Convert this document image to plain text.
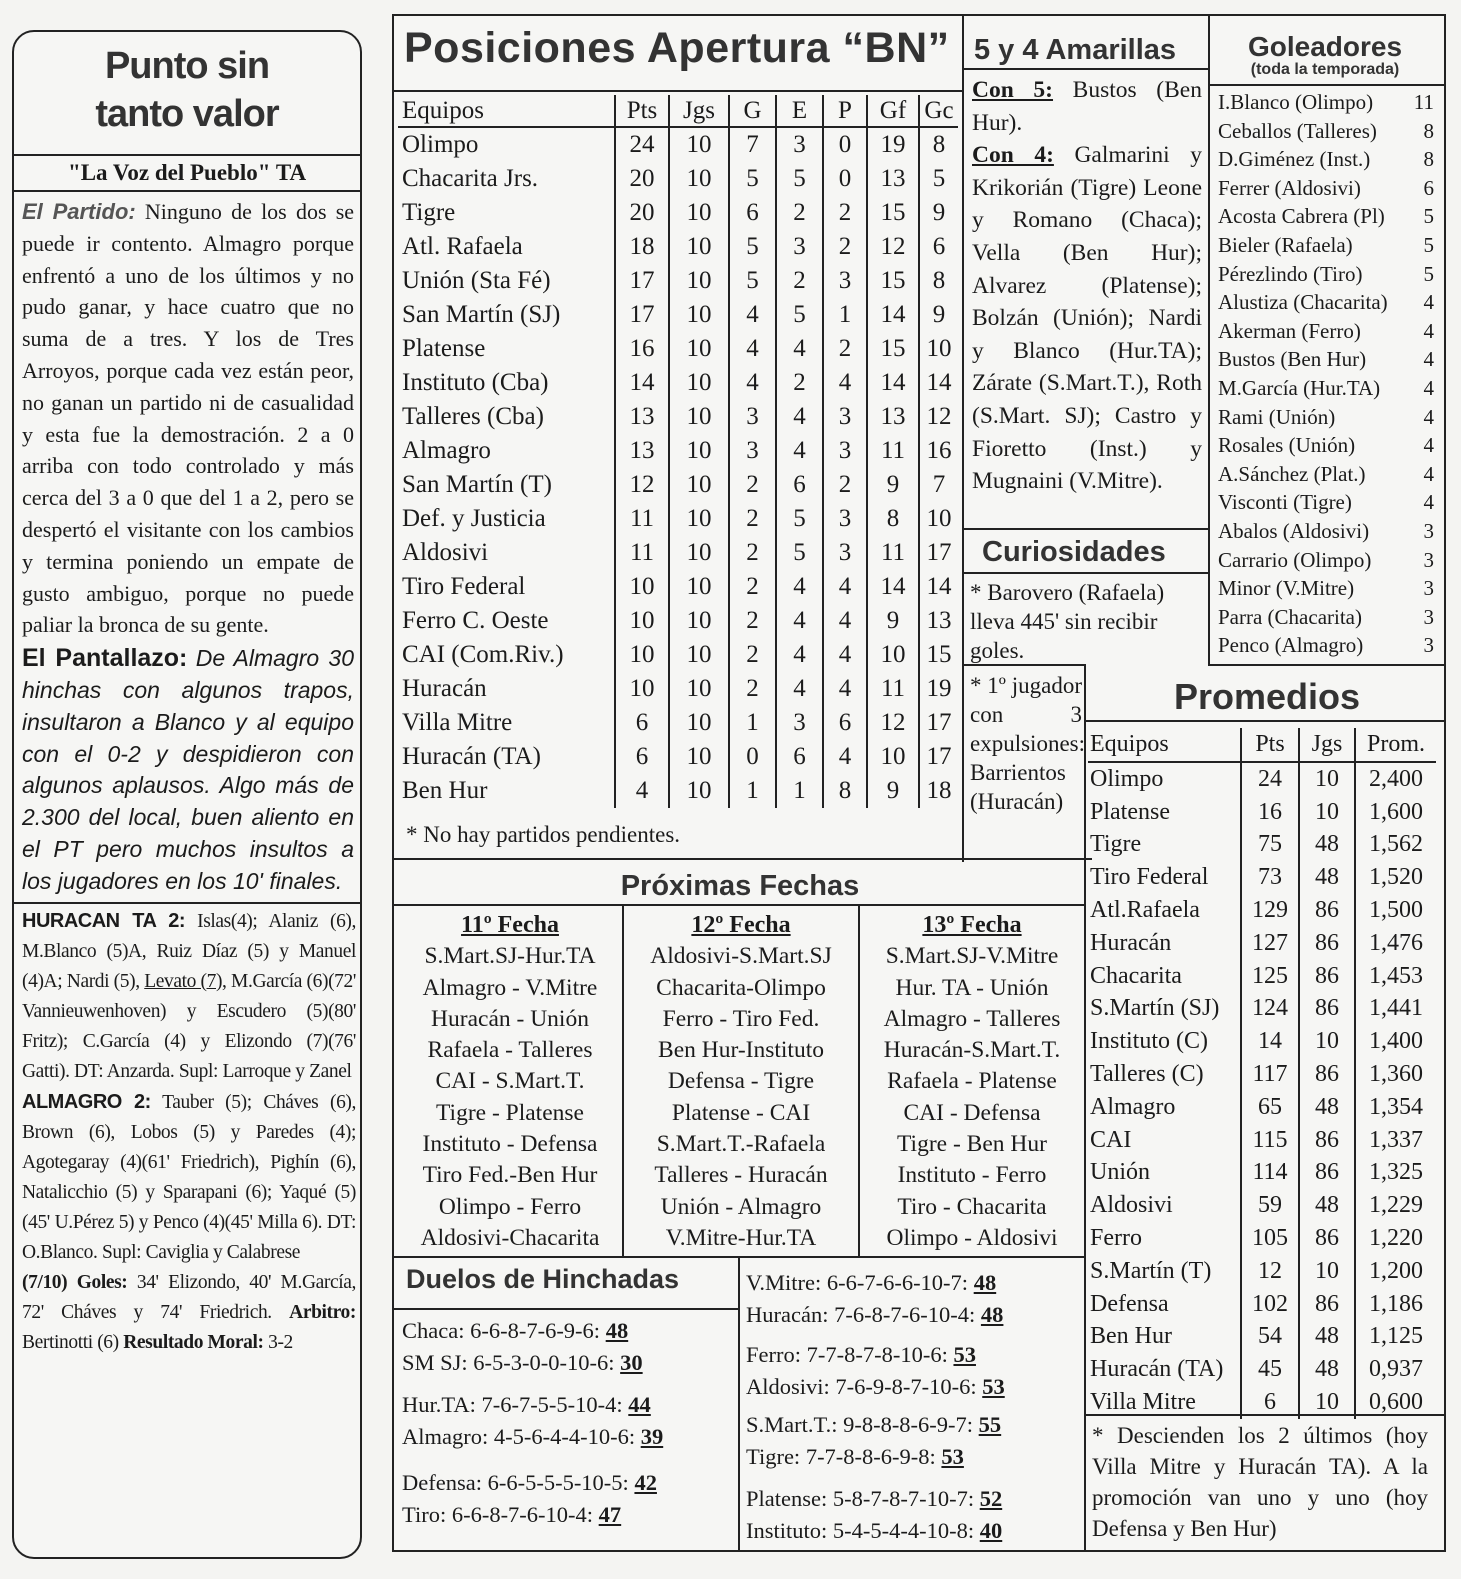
Punto sin
tanto valor
"La Voz del Pueblo" TA
El Partido: Ninguno de los dos se puede ir contento. Almagro porque enfrentó a uno de los últimos y no pudo ganar, y hace cuatro que no suma de a tres. Y los de Tres Arroyos, porque cada vez están peor, no ganan un partido ni de casualidad y esta fue la demostración. 2 a 0 arriba con todo controlado y más cerca del 3 a 0 que del 1 a 2, pero se despertó el visitante con los cambios y termina poniendo un empate de gusto ambiguo, porque no puede paliar la bronca de su gente.
El Pantallazo: De Almagro 30 hinchas con algunos trapos, insultaron a Blanco y al equipo con el 0-2 y despidieron con algunos aplausos. Algo más de 2.300 del local, buen aliento en el PT pero muchos insultos a los jugadores en los 10' finales.
HURACAN TA 2: Islas(4); Alaniz (6), M.Blanco (5)A, Ruiz Díaz (5) y Manuel (4)A; Nardi (5), Levato (7), M.García (6)(72' Vannieuwenhoven) y Escudero (5)(80' Fritz); C.García (4) y Elizondo (7)(76' Gatti). DT: Anzarda. Supl: Larroque y Zanel
ALMAGRO 2: Tauber (5); Cháves (6), Brown (6), Lobos (5) y Paredes (4); Agotegaray (4)(61' Friedrich), Pighín (6), Natalicchio (5) y Sparapani (6); Yaqué (5)(45' U.Pérez 5) y Penco (4)(45' Milla 6). DT: O.Blanco. Supl: Caviglia y Calabrese
(7/10) Goles: 34' Elizondo, 40' M.García, 72' Cháves y 74' Friedrich. Arbitro: Bertinotti (6) Resultado Moral: 3-2
Posiciones Apertura “BN”
Equipos	Pts	Jgs	G	E	P	Gf	Gc
Olimpo	24	10	7	3	0	19	8
Chacarita Jrs.	20	10	5	5	0	13	5
Tigre	20	10	6	2	2	15	9
Atl. Rafaela	18	10	5	3	2	12	6
Unión (Sta Fé)	17	10	5	2	3	15	8
San Martín (SJ)	17	10	4	5	1	14	9
Platense	16	10	4	4	2	15	10
Instituto (Cba)	14	10	4	2	4	14	14
Talleres (Cba)	13	10	3	4	3	13	12
Almagro	13	10	3	4	3	11	16
San Martín (T)	12	10	2	6	2	9	7
Def. y Justicia	11	10	2	5	3	8	10
Aldosivi	11	10	2	5	3	11	17
Tiro Federal	10	10	2	4	4	14	14
Ferro C. Oeste	10	10	2	4	4	9	13
CAI (Com.Riv.)	10	10	2	4	4	10	15
Huracán	10	10	2	4	4	11	19
Villa Mitre	6	10	1	3	6	12	17
Huracán (TA)	6	10	0	6	4	10	17
Ben Hur	4	10	1	1	8	9	18
* No hay partidos pendientes.
5 y 4 Amarillas
Con 5: Bustos (Ben Hur).
Con 4: Galmarini y Krikorián (Tigre) Leone y Romano (Chaca); Vella (Ben Hur); Alvarez (Platense); Bolzán (Unión); Nardi y Blanco (Hur.TA); Zárate (S.Mart.T.), Roth (S.Mart. SJ); Castro y Fioretto (Inst.) y Mugnaini (V.Mitre).
Curiosidades
* Barovero (Rafaela) lleva 445' sin recibir goles.
* 1º jugador con 3 expulsiones: Barrientos (Huracán)
Goleadores
(toda la temporada)
I.Blanco (Olimpo) 11
Ceballos (Talleres) 8
D.Giménez (Inst.)	8
Ferrer (Aldosivi)	6
Acosta Cabrera (Pl) 5
Bieler (Rafaela)	5
Pérezlindo (Tiro)	5
Alustiza (Chacarita) 4
Akerman (Ferro)	4
Bustos (Ben Hur)	4
M.García (Hur.TA) 4
Rami (Unión)	4
Rosales (Unión)	4
A.Sánchez (Plat.)	4
Visconti (Tigre)	4
Abalos (Aldosivi)	3
Carrario (Olimpo) 3
Minor (V.Mitre)	3
Parra (Chacarita)	3
Penco (Almagro)	3
Promedios
Equipos	Pts	Jgs	Prom.
Olimpo	24	10	2,400
Platense	16	10	1,600
Tigre	75	48	1,562
Tiro Federal	73	48	1,520
Atl.Rafaela	129	86	1,500
Huracán	127	86	1,476
Chacarita	125	86	1,453
S.Martín (SJ)	124	86	1,441
Instituto (C)	14	10	1,400
Talleres (C)	117	86	1,360
Almagro	65	48	1,354
CAI	115	86	1,337
Unión	114	86	1,325
Aldosivi	59	48	1,229
Ferro	105	86	1,220
S.Martín (T)	12	10	1,200
Defensa	102	86	1,186
Ben Hur	54	48	1,125
Huracán (TA)	45	48	0,937
Villa Mitre	6	10	0,600
* Descienden los 2 últimos (hoy Villa Mitre y Huracán TA). A la promoción van uno y uno (hoy Defensa y Ben Hur)
Próximas Fechas
11º Fecha
S.Mart.SJ-Hur.TA
Almagro - V.Mitre
Huracán - Unión
Rafaela - Talleres
CAI - S.Mart.T.
Tigre - Platense
Instituto - Defensa
Tiro Fed.-Ben Hur
Olimpo - Ferro
Aldosivi-Chacarita
12º Fecha
Aldosivi-S.Mart.SJ
Chacarita-Olimpo
Ferro - Tiro Fed.
Ben Hur-Instituto
Defensa - Tigre
Platense - CAI
S.Mart.T.-Rafaela
Talleres - Huracán
Unión - Almagro
V.Mitre-Hur.TA
13º Fecha
S.Mart.SJ-V.Mitre
Hur. TA - Unión
Almagro - Talleres
Huracán-S.Mart.T.
Rafaela - Platense
CAI - Defensa
Tigre - Ben Hur
Instituto - Ferro
Tiro - Chacarita
Olimpo - Aldosivi
Duelos de Hinchadas
Chaca: 6-6-8-7-6-9-6: 48
SM SJ: 6-5-3-0-0-10-6: 30
Hur.TA: 7-6-7-5-5-10-4: 44
Almagro: 4-5-6-4-4-10-6: 39
Defensa: 6-6-5-5-5-10-5: 42
Tiro: 6-6-8-7-6-10-4: 47
V.Mitre: 6-6-7-6-6-10-7: 48
Huracán: 7-6-8-7-6-10-4: 48
Ferro: 7-7-8-7-8-10-6: 53
Aldosivi: 7-6-9-8-7-10-6: 53
S.Mart.T.: 9-8-8-8-6-9-7: 55
Tigre: 7-7-8-8-6-9-8: 53
Platense: 5-8-7-8-7-10-7: 52
Instituto: 5-4-5-4-4-10-8: 40
